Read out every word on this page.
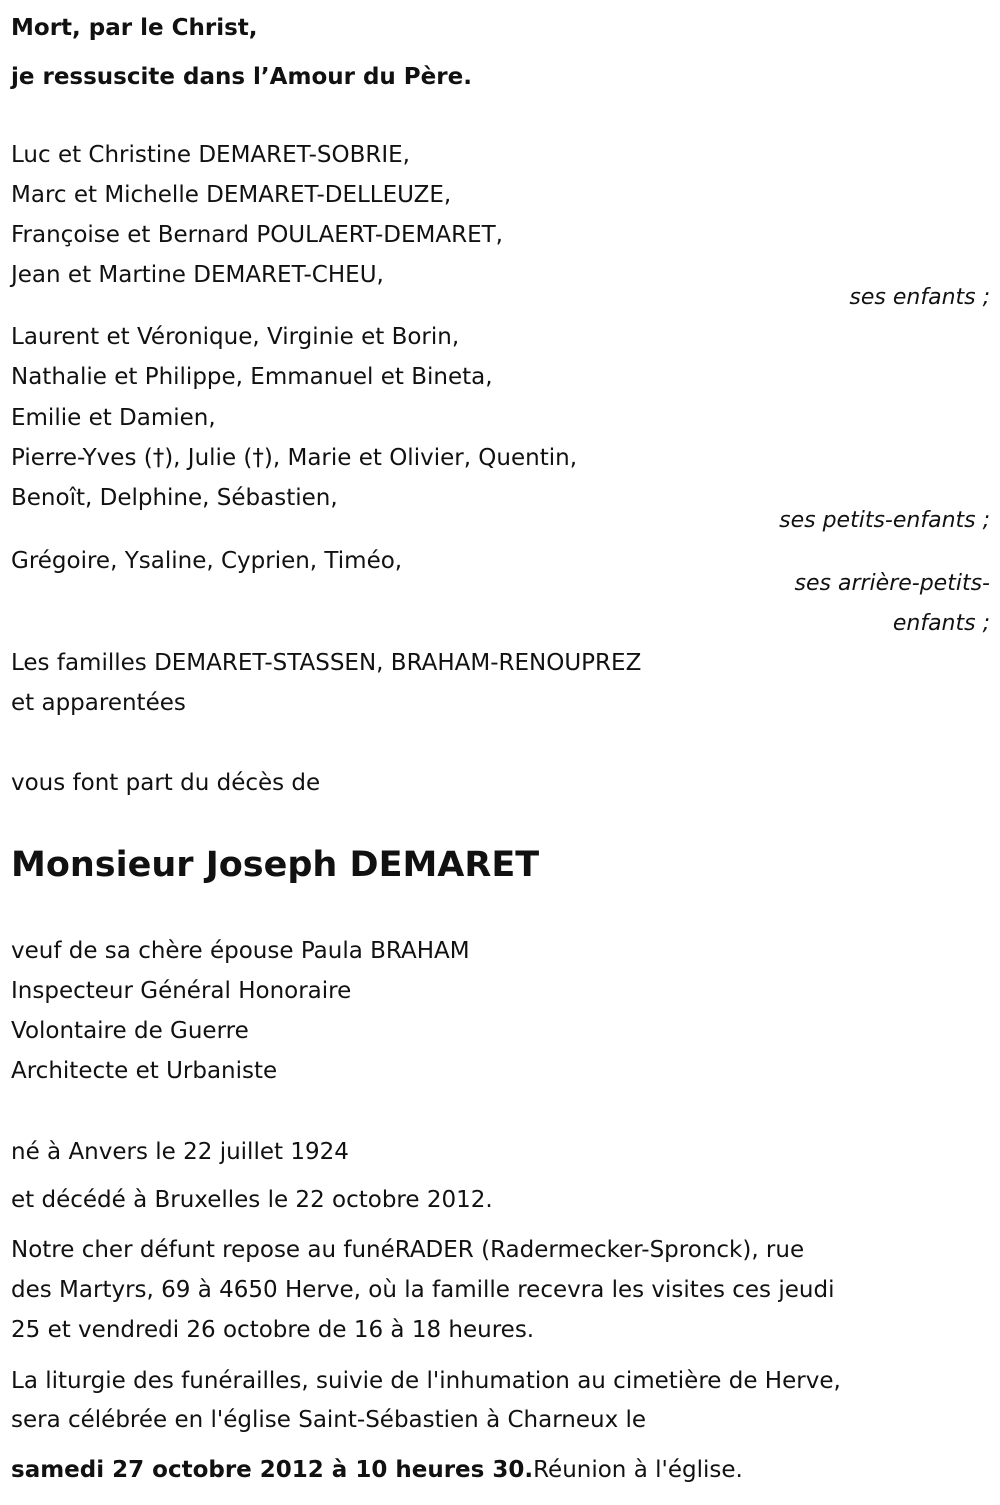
Mort, par le Christ,
je ressuscite dans l’Amour du Père.
Luc et Christine DEMARET-SOBRIE,
Marc et Michelle DEMARET-DELLEUZE,
Françoise et Bernard POULAERT-DEMARET,
Jean et Martine DEMARET-CHEU,
ses enfants ;
Laurent et Véronique, Virginie et Borin,
Nathalie et Philippe, Emmanuel et Bineta,
Emilie et Damien,
Pierre-Yves (†), Julie (†), Marie et Olivier, Quentin,
Benoît, Delphine, Sébastien,
ses petits-enfants ;
Grégoire, Ysaline, Cyprien, Timéo,
ses arrière-petits-
enfants ;
Les familles DEMARET-STASSEN, BRAHAM-RENOUPREZ
et apparentées
vous font part du décès de
Monsieur Joseph DEMARET
veuf de sa chère épouse Paula BRAHAM
Inspecteur Général Honoraire
Volontaire de Guerre
Architecte et Urbaniste
né à Anvers le 22 juillet 1924
et décédé à Bruxelles le 22 octobre 2012.
Notre cher défunt repose au funéRADER (Radermecker-Spronck), rue
des Martyrs, 69 à 4650 Herve, où la famille recevra les visites ces jeudi
25 et vendredi 26 octobre de 16 à 18 heures.
La liturgie des funérailles, suivie de l'inhumation au cimetière de Herve,
sera célébrée en l'église Saint-Sébastien à Charneux le
samedi 27 octobre 2012 à 10 heures 30.Réunion à l'église.
